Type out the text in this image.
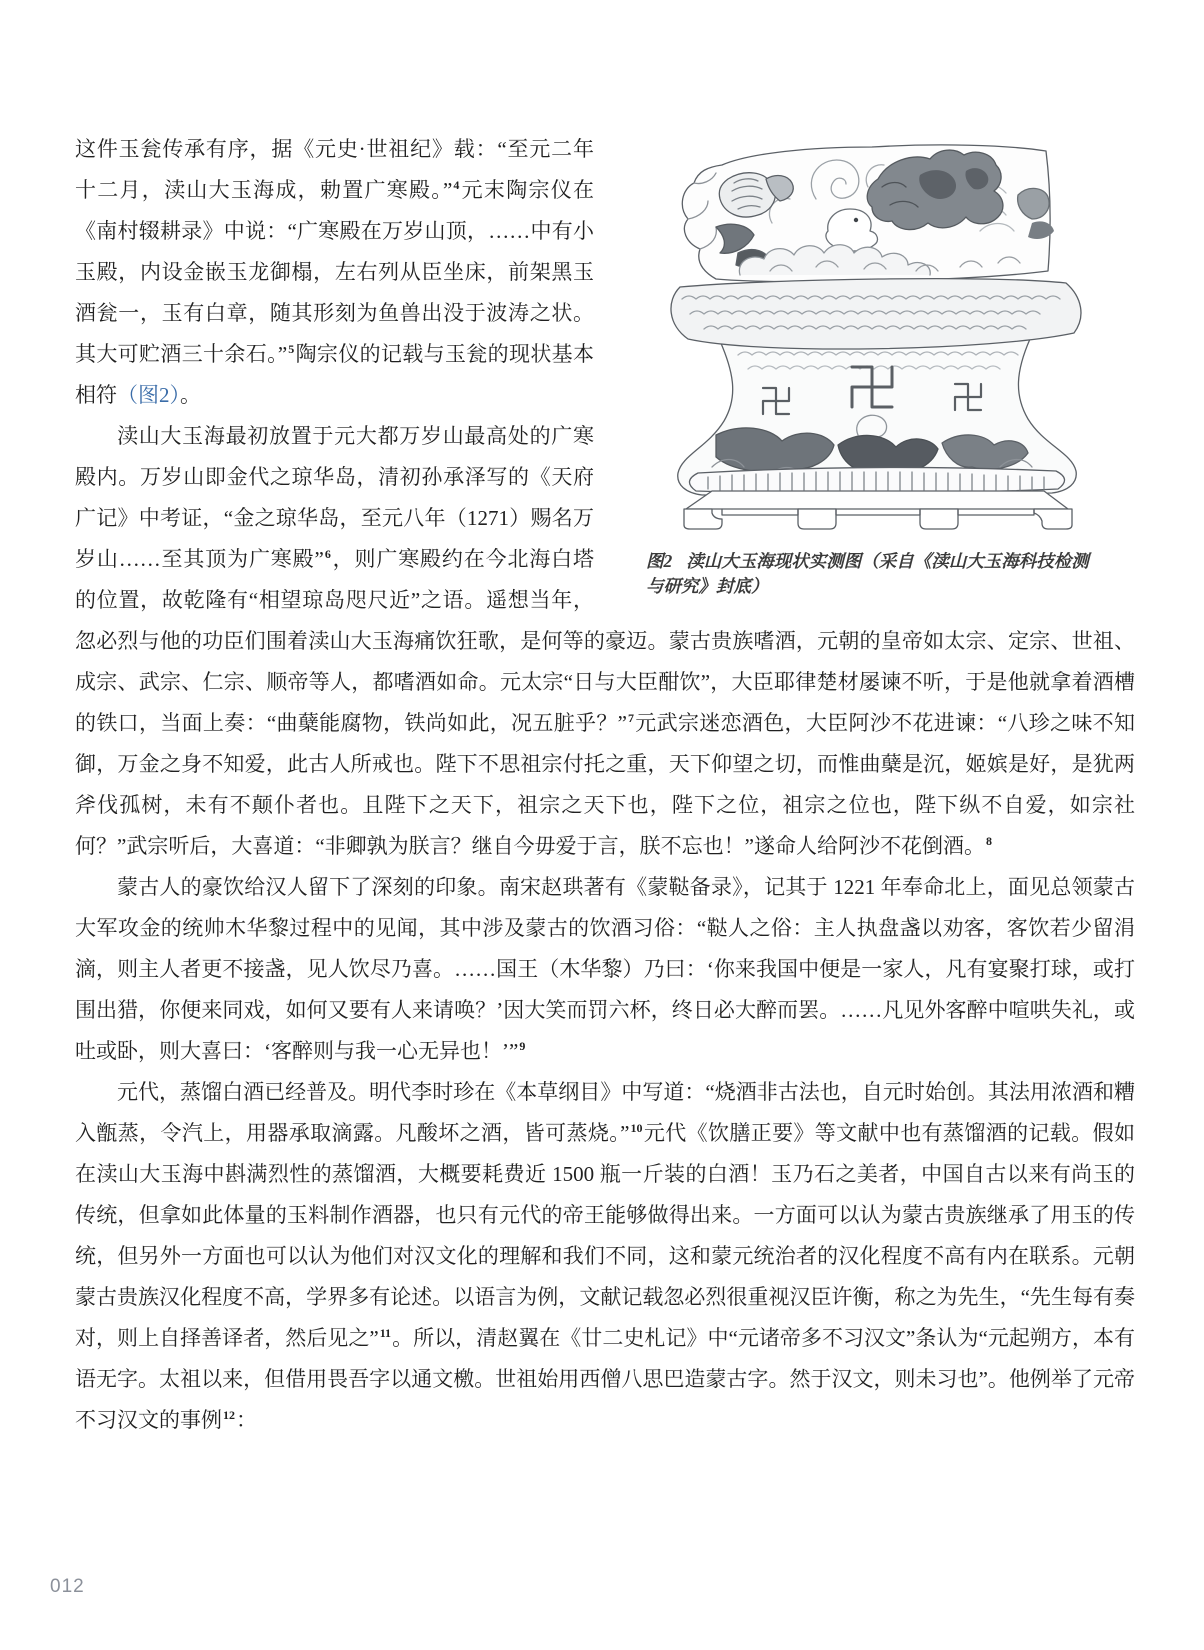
图2 渎山大玉海现状实测图（采自《渎山大玉海科技检测与研究》封底）

这件玉瓮传承有序，据《元史·世祖纪》载：“至元二年十二月，渎山大玉海成，勅置广寒殿。”$^4$元末陶宗仪在《南村辍耕录》中说：“广寒殿在万岁山顶，……中有小玉殿，内设金嵌玉龙御榻，左右列从臣坐床，前架黑玉酒瓮一，玉有白章，随其形刻为鱼兽出没于波涛之状。其大可贮酒三十余石。”$^5$陶宗仪的记载与玉瓮的现状基本相符（图2）。

渎山大玉海最初放置于元大都万岁山最高处的广寒殿内。万岁山即金代之琼华岛，清初孙承泽写的《天府广记》中考证，“金之琼华岛，至元八年（1271）赐名万岁山……至其顶为广寒殿”$^6$，则广寒殿约在今北海白塔的位置，故乾隆有“相望琼岛咫尺近”之语。遥想当年，忽必烈与他的功臣们围着渎山大玉海痛饮狂歌，是何等的豪迈。蒙古贵族嗜酒，元朝的皇帝如太宗、定宗、世祖、成宗、武宗、仁宗、顺帝等人，都嗜酒如命。元太宗“日与大臣酣饮”，大臣耶律楚材屡谏不听，于是他就拿着酒槽的铁口，当面上奏：“曲蘖能腐物，铁尚如此，况五脏乎？”$^7$元武宗迷恋酒色，大臣阿沙不花进谏：“八珍之味不知御，万金之身不知爱，此古人所戒也。陛下不思祖宗付托之重，天下仰望之切，而惟曲蘖是沉，姬嫔是好，是犹两斧伐孤树，未有不颠仆者也。且陛下之天下，祖宗之天下也，陛下之位，祖宗之位也，陛下纵不自爱，如宗社何？”武宗听后，大喜道：“非卿孰为朕言？继自今毋爱于言，朕不忘也！”遂命人给阿沙不花倒酒。$^8$

蒙古人的豪饮给汉人留下了深刻的印象。南宋赵珙著有《蒙鞑备录》，记其于 1221 年奉命北上，面见总领蒙古大军攻金的统帅木华黎过程中的见闻，其中涉及蒙古的饮酒习俗：“鞑人之俗：主人执盘盏以劝客，客饮若少留涓滴，则主人者更不接盏，见人饮尽乃喜。……国王（木华黎）乃曰：‘你来我国中便是一家人，凡有宴聚打球，或打围出猎，你便来同戏，如何又要有人来请唤？’因大笑而罚六杯，终日必大醉而罢。……凡见外客醉中喧哄失礼，或吐或卧，则大喜曰：‘客醉则与我一心无异也！’”$^9$

元代，蒸馏白酒已经普及。明代李时珍在《本草纲目》中写道：“烧酒非古法也，自元时始创。其法用浓酒和糟入甑蒸，令汽上，用器承取滴露。凡酸坏之酒，皆可蒸烧。”$^{10}$元代《饮膳正要》等文献中也有蒸馏酒的记载。假如在渎山大玉海中斟满烈性的蒸馏酒，大概要耗费近 1500 瓶一斤装的白酒！玉乃石之美者，中国自古以来有尚玉的传统，但拿如此体量的玉料制作酒器，也只有元代的帝王能够做得出来。一方面可以认为蒙古贵族继承了用玉的传统，但另外一方面也可以认为他们对汉文化的理解和我们不同，这和蒙元统治者的汉化程度不高有内在联系。元朝蒙古贵族汉化程度不高，学界多有论述。以语言为例，文献记载忽必烈很重视汉臣许衡，称之为先生，“先生每有奏对，则上自择善译者，然后见之”$^{11}$。所以，清赵翼在《廿二史札记》中“元诸帝多不习汉文”条认为“元起朔方，本有语无字。太祖以来，但借用畏吾字以通文檄。世祖始用西僧八思巴造蒙古字。然于汉文，则未习也”。他例举了元帝不习汉文的事例$^{12}$：

012
